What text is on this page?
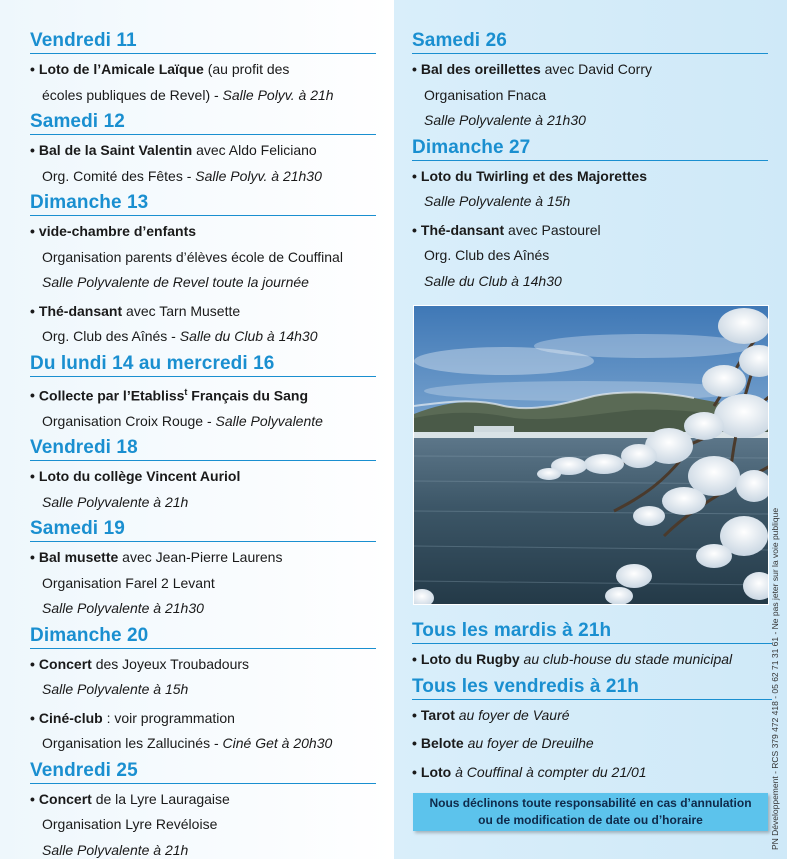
Vendredi 11
• Loto de l’Amicale Laïque (au profit des
écoles publiques de Revel) - Salle Polyv. à 21h
Samedi 12
• Bal de la Saint Valentin avec Aldo Feliciano
Org. Comité des Fêtes - Salle Polyv. à 21h30
Dimanche 13
• vide-chambre d’enfants
Organisation parents d’élèves école de Couffinal
Salle Polyvalente de Revel toute la journée
• Thé-dansant avec Tarn Musette
Org. Club des Aînés - Salle du Club à 14h30
Du lundi 14 au mercredi 16
• Collecte par l’Etabliss$^t$ Français du Sang
Organisation Croix Rouge - Salle Polyvalente
Vendredi 18
• Loto du collège Vincent Auriol
Salle Polyvalente à 21h
Samedi 19
• Bal musette avec Jean-Pierre Laurens
Organisation Farel 2 Levant
Salle Polyvalente à 21h30
Dimanche 20
• Concert des Joyeux Troubadours
Salle Polyvalente à 15h
• Ciné-club : voir programmation
Organisation les Zallucinés - Ciné Get à 20h30
Vendredi 25
• Concert de la Lyre Lauragaise
Organisation Lyre Revéloise
Salle Polyvalente à 21h
Samedi 26
• Bal des oreillettes avec David Corry
Organisation Fnaca
Salle Polyvalente à 21h30
Dimanche 27
• Loto du Twirling et des Majorettes
Salle Polyvalente à 15h
• Thé-dansant avec Pastourel
Org. Club des Aînés
Salle du Club à 14h30
Tous les mardis à 21h
• Loto du Rugby au club-house du stade municipal
Tous les vendredis à 21h
• Tarot au foyer de Vauré
• Belote au foyer de Dreuilhe
• Loto à Couffinal à compter du 21/01
Nous déclinons toute responsabilité en cas d’annulation
ou de modification de date ou d’horaire	PN Développement - RCS 379 472 418 - 05 62 71 31 61 - Ne pas jeter sur la voie publique
